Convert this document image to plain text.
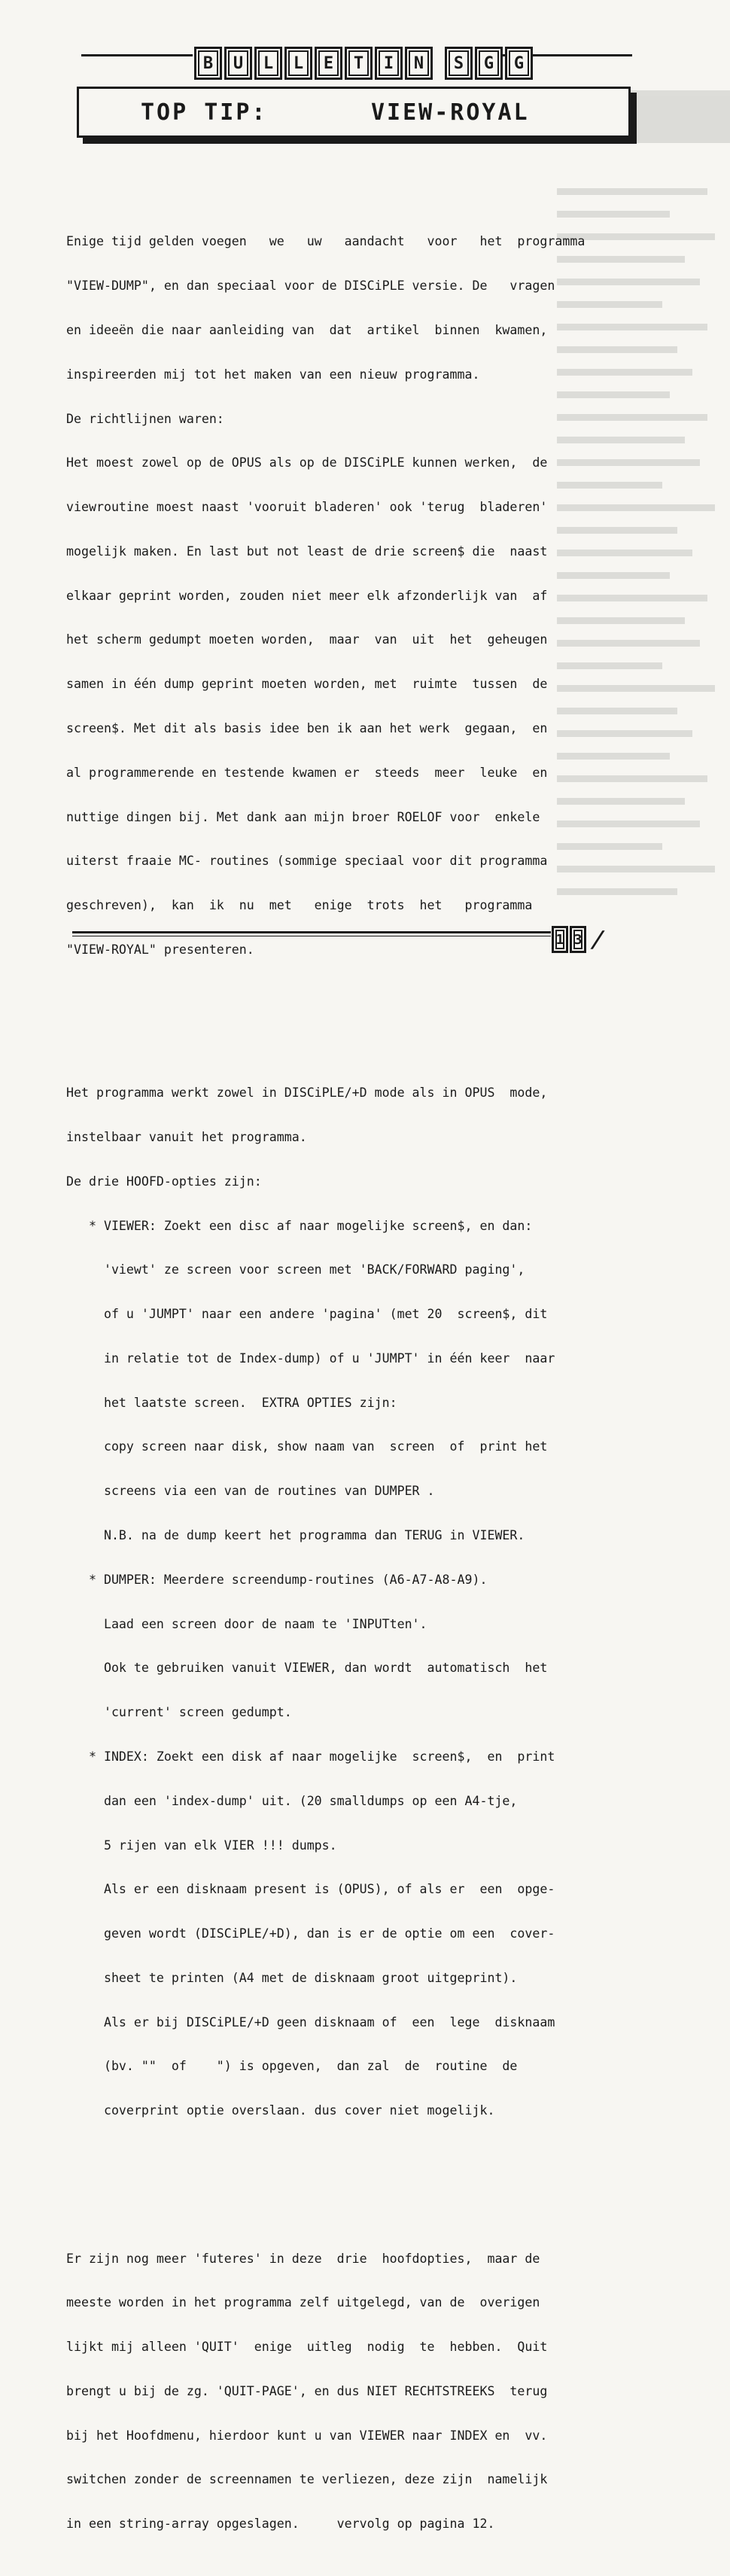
B	U	L	L	E	T	I	N	S	G	G
TOP TIP:	VIEW-ROYAL

Enige tijd gelden voegen   we   uw   aandacht   voor   het  programma

"VIEW-DUMP", en dan speciaal voor de DISCiPLE versie. De   vragen

en ideeën die naar aanleiding van  dat  artikel  binnen  kwamen,

inspireerden mij tot het maken van een nieuw programma.

De richtlijnen waren:

Het moest zowel op de OPUS als op de DISCiPLE kunnen werken,  de

viewroutine moest naast 'vooruit bladeren' ook 'terug  bladeren'

mogelijk maken. En last but not least de drie screen$ die  naast

elkaar geprint worden, zouden niet meer elk afzonderlijk van  af

het scherm gedumpt moeten worden,  maar  van  uit  het  geheugen

samen in één dump geprint moeten worden, met  ruimte  tussen  de

screen$. Met dit als basis idee ben ik aan het werk  gegaan,  en

al programmerende en testende kwamen er  steeds  meer  leuke  en

nuttige dingen bij. Met dank aan mijn broer ROELOF voor  enkele

uiterst fraaie MC- routines (sommige speciaal voor dit programma

geschreven),  kan  ik  nu  met   enige  trots  het   programma

"VIEW-ROYAL" presenteren.

Het programma werkt zowel in DISCiPLE/+D mode als in OPUS  mode,

instelbaar vanuit het programma.

De drie HOOFD-opties zijn:

* VIEWER: Zoekt een disc af naar mogelijke screen$, en dan:

'viewt' ze screen voor screen met 'BACK/FORWARD paging',

of u 'JUMPT' naar een andere 'pagina' (met 20  screen$, dit

in relatie tot de Index-dump) of u 'JUMPT' in één keer  naar

het laatste screen.  EXTRA OPTIES zijn:

copy screen naar disk, show naam van  screen  of  print het

screens via een van de routines van DUMPER .

N.B. na de dump keert het programma dan TERUG in VIEWER.

* DUMPER: Meerdere screendump-routines (A6-A7-A8-A9).

Laad een screen door de naam te 'INPUTten'.

Ook te gebruiken vanuit VIEWER, dan wordt  automatisch  het

'current' screen gedumpt.

* INDEX: Zoekt een disk af naar mogelijke  screen$,  en  print

dan een 'index-dump' uit. (20 smalldumps op een A4-tje,

5 rijen van elk VIER !!! dumps.

Als er een disknaam present is (OPUS), of als er  een  opge-

geven wordt (DISCiPLE/+D), dan is er de optie om een  cover-

sheet te printen (A4 met de disknaam groot uitgeprint).

Als er bij DISCiPLE/+D geen disknaam of  een  lege  disknaam

(bv. ""  of    ") is opgeven,  dan zal  de  routine  de

coverprint optie overslaan. dus cover niet mogelijk.

Er zijn nog meer 'futeres' in deze  drie  hoofdopties,  maar de

meeste worden in het programma zelf uitgelegd, van de  overigen

lijkt mij alleen 'QUIT'  enige  uitleg  nodig  te  hebben.  Quit

brengt u bij de zg. 'QUIT-PAGE', en dus NIET RECHTSTREEKS  terug

bij het Hoofdmenu, hierdoor kunt u van VIEWER naar INDEX en  vv.

switchen zonder de screennamen te verliezen, deze zijn  namelijk

in een string-array opgeslagen.     vervolg op pagina 12.

1 3 /
